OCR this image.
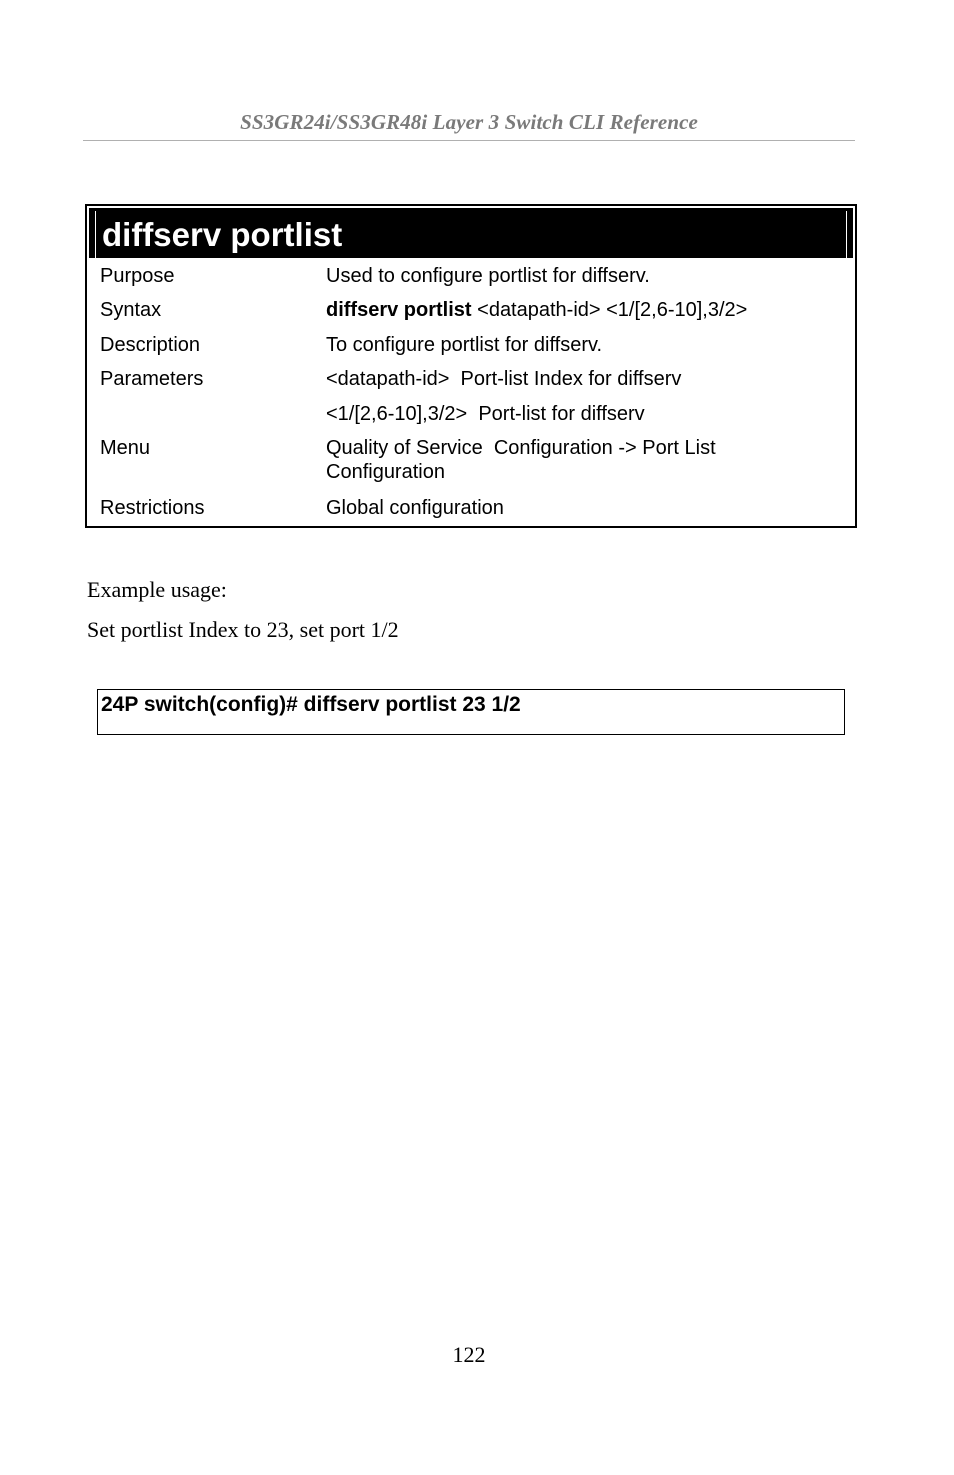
SS3GR24i/SS3GR48i Layer 3 Switch CLI Reference
diffserv portlist
Purpose	Used to configure portlist for diffserv.
Syntax	diffserv portlist <datapath-id> <1/[2,6-10],3/2>
Description	To configure portlist for diffserv.
Parameters	<datapath-id>  Port-list Index for diffserv
<1/[2,6-10],3/2>  Port-list for diffserv
Menu	Quality of Service  Configuration -> Port List
Configuration
Restrictions	Global configuration
Example usage:
Set portlist Index to 23, set port 1/2
24P switch(config)# diffserv portlist 23 1/2
122
